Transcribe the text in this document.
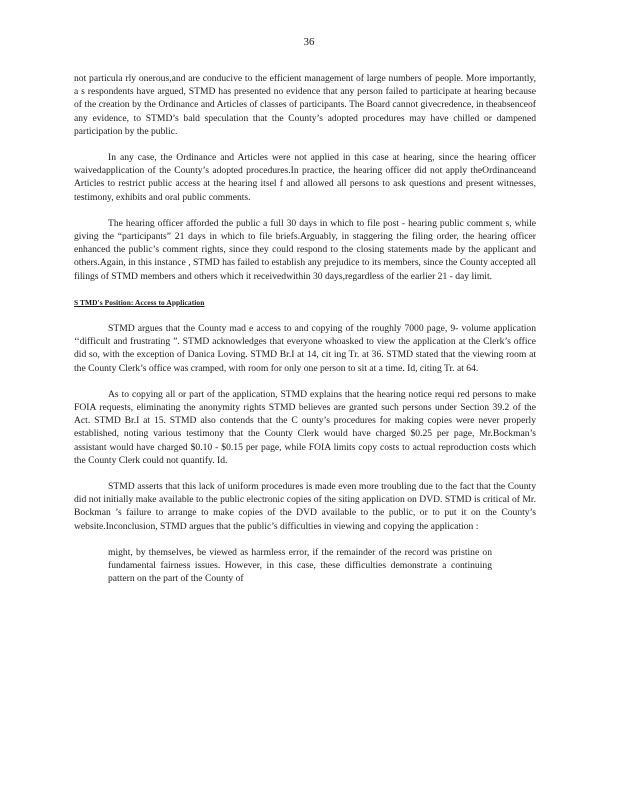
36

not particula rly onerous,and are conducive to the efficient management of large numbers of people. More importantly, a s respondents have argued, STMD has presented no evidence that any person failed to participate at hearing because of the creation by the Ordinance and Articles of classes of participants. The Board cannot givecredence, in theabsenceof any evidence, to STMD’s bald speculation that the County’s adopted procedures may have chilled or dampened participation by the public.

In any case, the Ordinance and Articles were not applied in this case at hearing, since the hearing officer waivedapplication of the County’s adopted procedures.In practice, the hearing officer did not apply theOrdinanceand Articles to restrict public access at the hearing itsel f and allowed all persons to ask questions and present witnesses, testimony, exhibits and oral public comments.

The hearing officer afforded the public a full 30 days in which to file post - hearing public comment s, while giving the “participants” 21 days in which to file briefs.Arguably, in staggering the filing order, the hearing officer enhanced the public’s comment rights, since they could respond to the closing statements made by the applicant and others.Again, in this instance , STMD has failed to establish any prejudice to its members, since the County accepted all filings of STMD members and others which it receivedwithin 30 days,regardless of the earlier 21 - day limit.

S TMD's Position: Access to Application

STMD argues that the County mad e access to and copying of the roughly 7000 page, 9- volume application ‘‘difficult and frustrating ”. STMD acknowledges that everyone whoasked to view the application at the Clerk’s office did so, with the exception of Danica Loving. STMD Br.I at 14, cit ing Tr. at 36. STMD stated that the viewing room at the County Clerk’s office was cramped, with room for only one person to sit at a time. Id, citing Tr. at 64.

As to copying all or part of the application, STMD explains that the hearing notice requi red persons to make FOIA requests, eliminating the anonymity rights STMD believes are granted such persons under Section 39.2 of the Act. STMD Br.I at 15. STMD also contends that the C ounty’s procedures for making copies were never properly established, noting various testimony that the County Clerk would have charged $0.25 per page, Mr.Bockman’s assistant would have charged $0.10 - $0.15 per page, while FOIA limits copy costs to actual reproduction costs which the County Clerk could not quantify. Id.

STMD asserts that this lack of uniform procedures is made even more troubling due to the fact that the County did not initially make available to the public electronic copies of the siting application on DVD. STMD is critical of Mr. Bockman ’s failure to arrange to make copies of the DVD available to the public, or to put it on the County’s website.Inconclusion, STMD argues that the public’s difficulties in viewing and copying the application :

might, by themselves, be viewed as harmless error, if the remainder of the record was pristine on fundamental fairness issues. However, in this case, these difficulties demonstrate a continuing pattern on the part of the County of
